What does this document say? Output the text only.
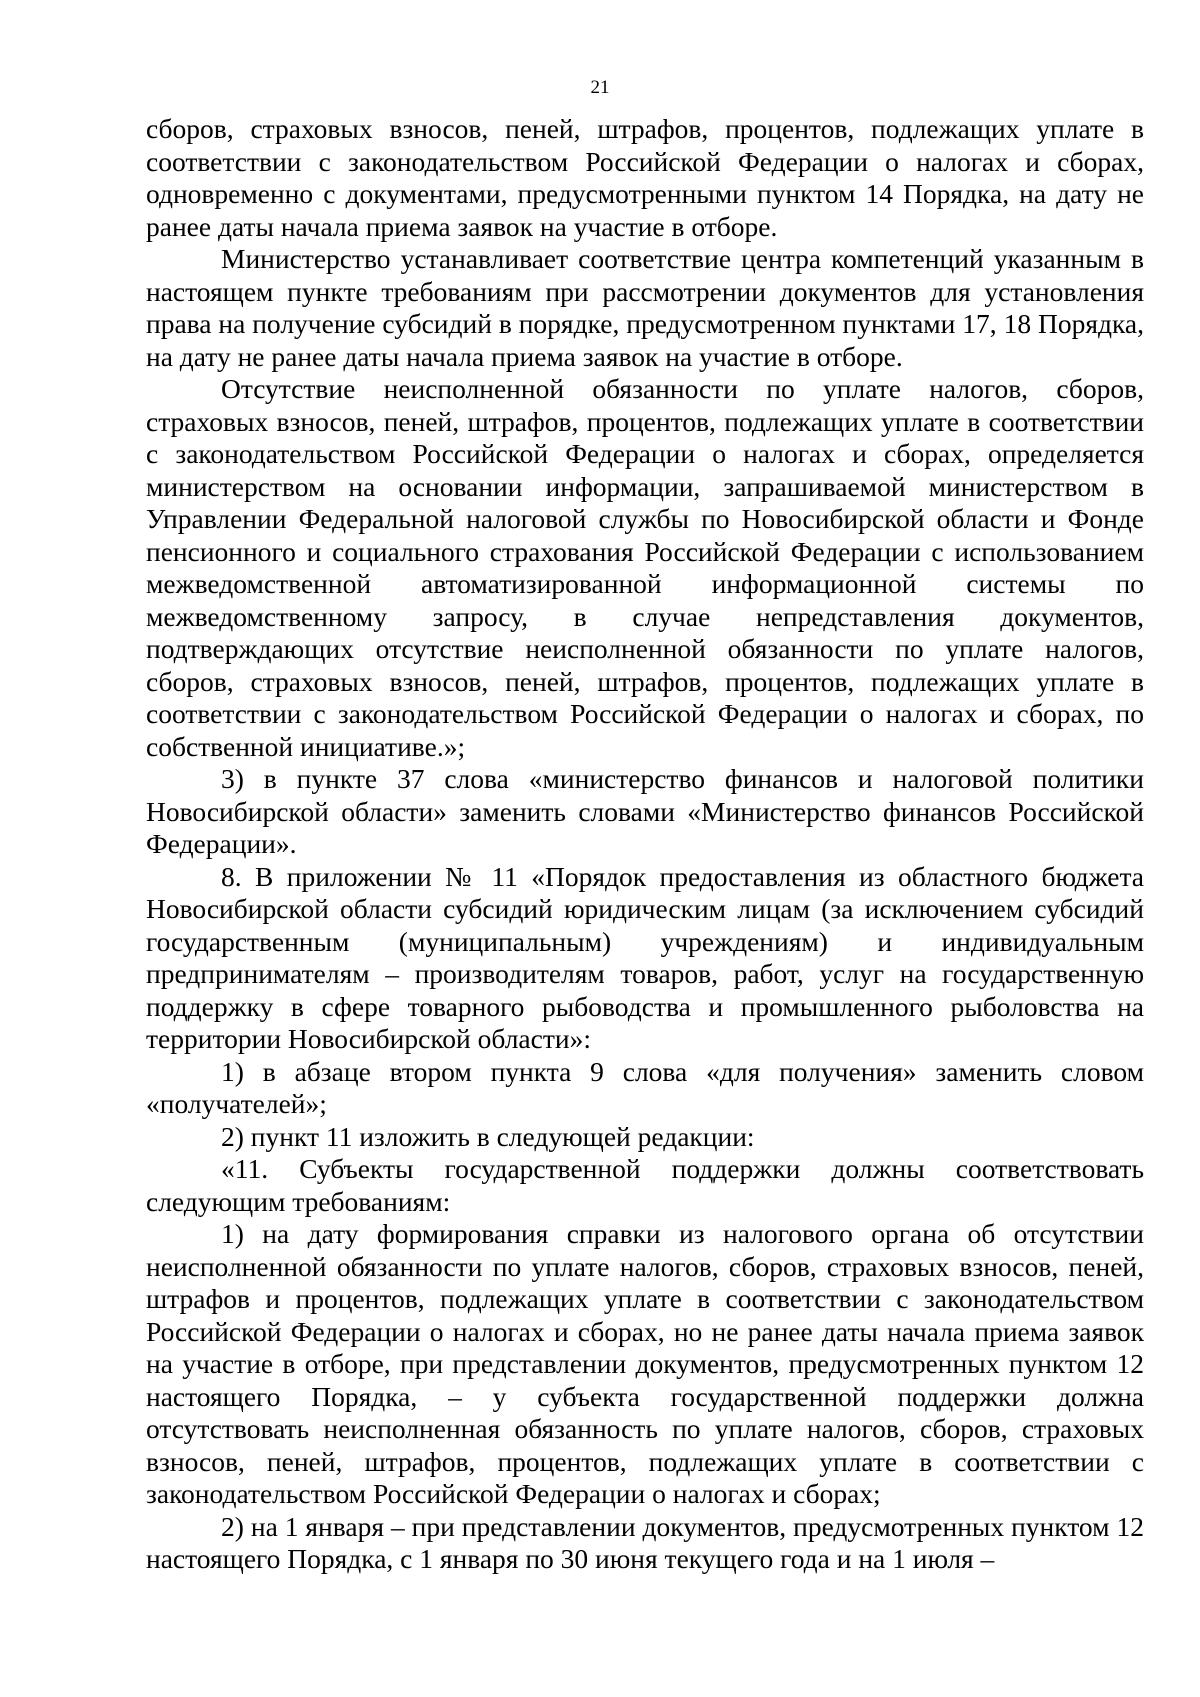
21

сборов, страховых взносов, пеней, штрафов, процентов, подлежащих уплате в соответствии с законодательством Российской Федерации о налогах и сборах, одновременно с документами, предусмотренными пунктом 14 Порядка, на дату не ранее даты начала приема заявок на участие в отборе.

Министерство устанавливает соответствие центра компетенций указанным в настоящем пункте требованиям при рассмотрении документов для установления права на получение субсидий в порядке, предусмотренном пунктами 17, 18 Порядка, на дату не ранее даты начала приема заявок на участие в отборе.

Отсутствие неисполненной обязанности по уплате налогов, сборов, страховых взносов, пеней, штрафов, процентов, подлежащих уплате в соответствии с законодательством Российской Федерации о налогах и сборах, определяется министерством на основании информации, запрашиваемой министерством в Управлении Федеральной налоговой службы по Новосибирской области и Фонде пенсионного и социального страхования Российской Федерации с использованием межведомственной автоматизированной информационной системы по межведомственному запросу, в случае непредставления документов, подтверждающих отсутствие неисполненной обязанности по уплате налогов, сборов, страховых взносов, пеней, штрафов, процентов, подлежащих уплате в соответствии с законодательством Российской Федерации о налогах и сборах, по собственной инициативе.»;

3) в пункте 37 слова «министерство финансов и налоговой политики Новосибирской области» заменить словами «Министерство финансов Российской Федерации».

8. В приложении № 11 «Порядок предоставления из областного бюджета Новосибирской области субсидий юридическим лицам (за исключением субсидий государственным (муниципальным) учреждениям) и индивидуальным предпринимателям – производителям товаров, работ, услуг на государственную поддержку в сфере товарного рыбоводства и промышленного рыболовства на территории Новосибирской области»:

1) в абзаце втором пункта 9 слова «для получения» заменить словом «получателей»;

2) пункт 11 изложить в следующей редакции:

«11. Субъекты государственной поддержки должны соответствовать следующим требованиям:

1) на дату формирования справки из налогового органа об отсутствии неисполненной обязанности по уплате налогов, сборов, страховых взносов, пеней, штрафов и процентов, подлежащих уплате в соответствии с законодательством Российской Федерации о налогах и сборах, но не ранее даты начала приема заявок на участие в отборе, при представлении документов, предусмотренных пунктом 12 настоящего Порядка, – у субъекта государственной поддержки должна отсутствовать неисполненная обязанность по уплате налогов, сборов, страховых взносов, пеней, штрафов, процентов, подлежащих уплате в соответствии с законодательством Российской Федерации о налогах и сборах;

2) на 1 января – при представлении документов, предусмотренных пунктом 12 настоящего Порядка, с 1 января по 30 июня текущего года и на 1 июля –
